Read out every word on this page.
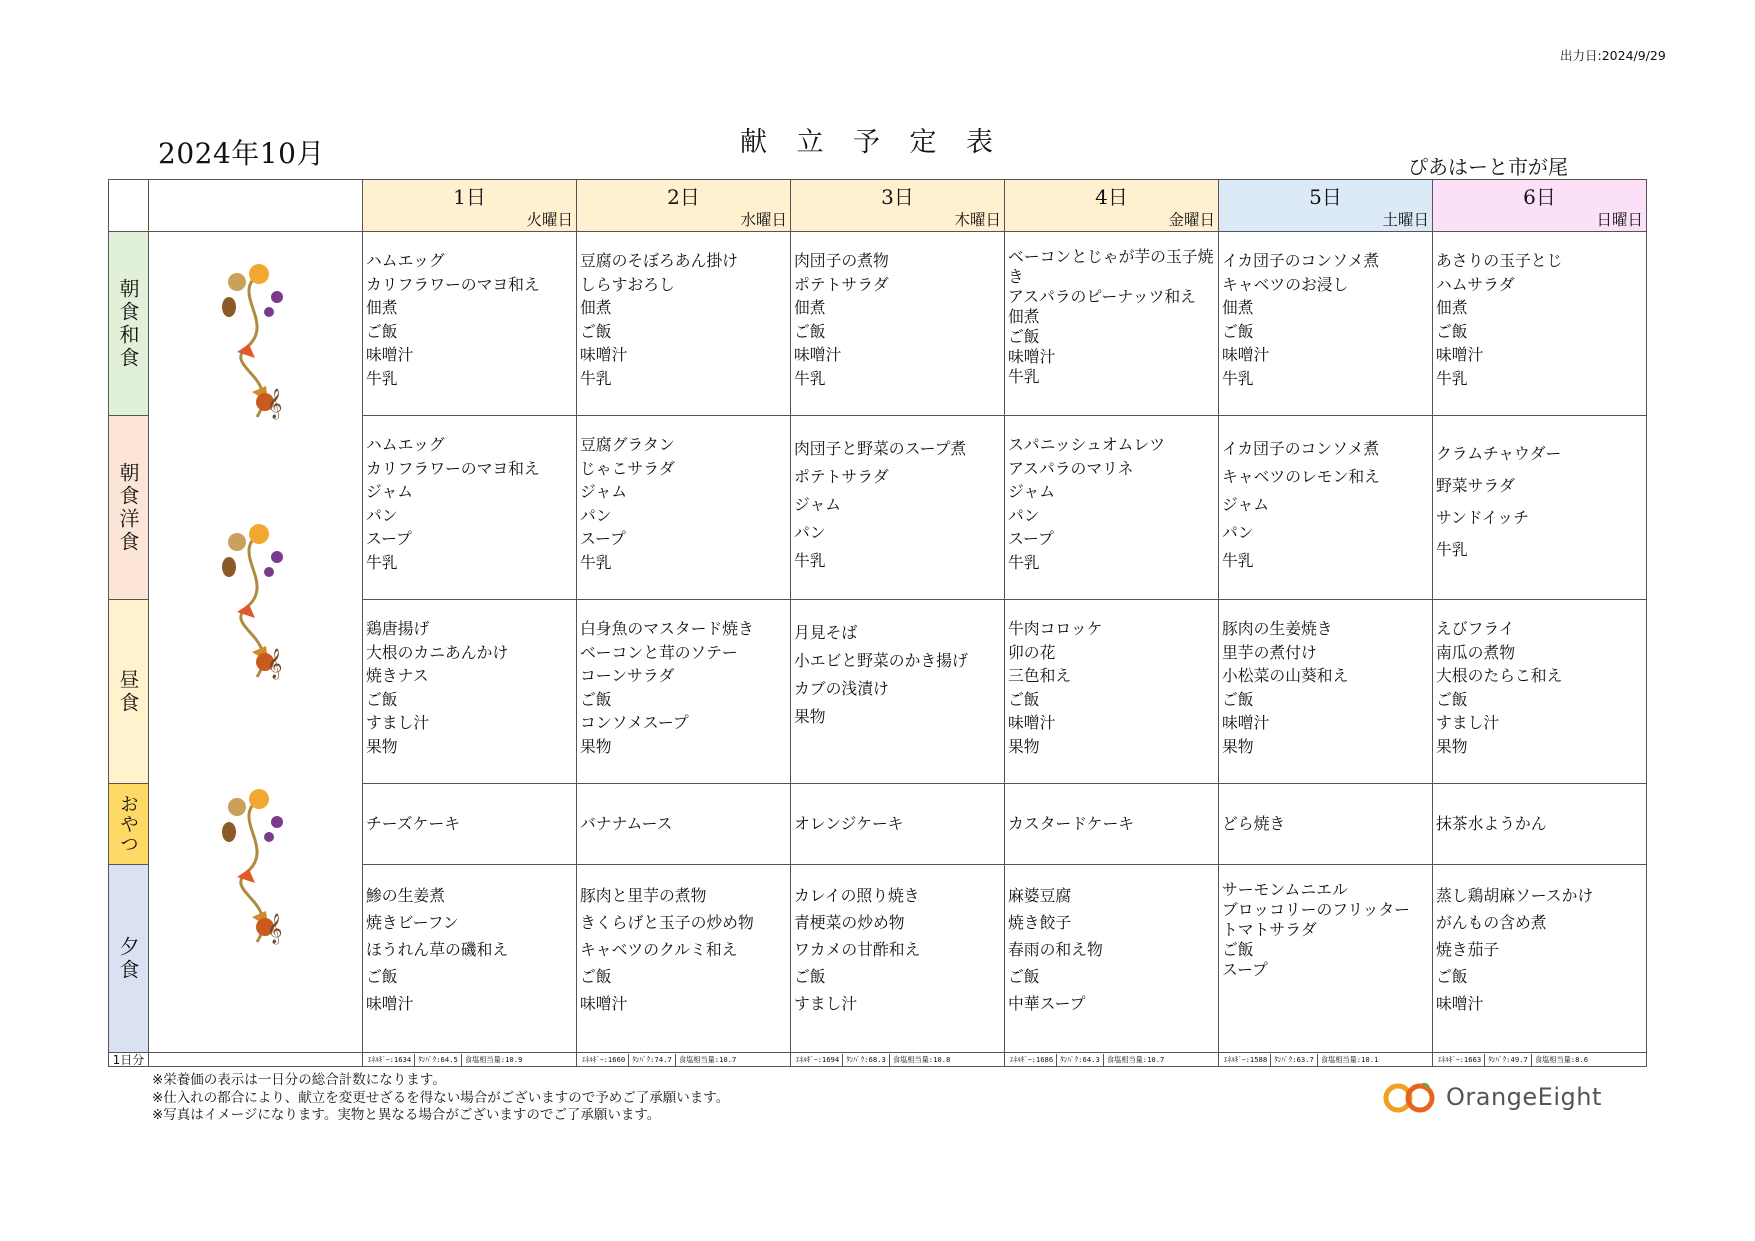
出力日:2024/9/29
2024年10月	献 立 予 定 表
ぴあはーと市が尾
朝食和食
朝食洋食
昼食
おやつ
夕食
1日分
𝄞
𝄞
𝄞
1日
火曜日
ハムエッグ
カリフラワーのマヨ和え
佃煮
ご飯
味噌汁
牛乳
ハムエッグ
カリフラワーのマヨ和え
ジャム
パン
スープ
牛乳
鶏唐揚げ
大根のカニあんかけ
焼きナス
ご飯
すまし汁
果物
チーズケーキ
鯵の生姜煮
焼きビーフン
ほうれん草の磯和え
ご飯
味噌汁
ｴﾈﾙｷﾞｰ:1634 ﾀﾝﾊﾟｸ:64.5 食塩相当量:10.9
2日
水曜日
豆腐のそぼろあん掛け
しらすおろし
佃煮
ご飯
味噌汁
牛乳
豆腐グラタン
じゃこサラダ
ジャム
パン
スープ
牛乳
白身魚のマスタード焼き
ベーコンと茸のソテー
コーンサラダ
ご飯
コンソメスープ
果物
バナナムース
豚肉と里芋の煮物
きくらげと玉子の炒め物
キャベツのクルミ和え
ご飯
味噌汁
ｴﾈﾙｷﾞｰ:1660 ﾀﾝﾊﾟｸ:74.7 食塩相当量:10.7
3日
木曜日
肉団子の煮物
ポテトサラダ
佃煮
ご飯
味噌汁
牛乳
肉団子と野菜のスープ煮
ポテトサラダ
ジャム
パン
牛乳
月見そば
小エビと野菜のかき揚げ
カブの浅漬け
果物
オレンジケーキ
カレイの照り焼き
青梗菜の炒め物
ワカメの甘酢和え
ご飯
すまし汁
ｴﾈﾙｷﾞｰ:1694 ﾀﾝﾊﾟｸ:68.3 食塩相当量:10.8
4日
金曜日
ベーコンとじゃが芋の玉子焼き
アスパラのピーナッツ和え
佃煮
ご飯
味噌汁
牛乳
スパニッシュオムレツ
アスパラのマリネ
ジャム
パン
スープ
牛乳
牛肉コロッケ
卯の花
三色和え
ご飯
味噌汁
果物
カスタードケーキ
麻婆豆腐
焼き餃子
春雨の和え物
ご飯
中華スープ
ｴﾈﾙｷﾞｰ:1686 ﾀﾝﾊﾟｸ:64.3 食塩相当量:10.7
5日
土曜日
イカ団子のコンソメ煮
キャベツのお浸し
佃煮
ご飯
味噌汁
牛乳
イカ団子のコンソメ煮
キャベツのレモン和え
ジャム
パン
牛乳
豚肉の生姜焼き
里芋の煮付け
小松菜の山葵和え
ご飯
味噌汁
果物
どら焼き
サーモンムニエル
ブロッコリーのフリッター
トマトサラダ
ご飯
スープ
ｴﾈﾙｷﾞｰ:1588 ﾀﾝﾊﾟｸ:63.7 食塩相当量:10.1
6日
日曜日
あさりの玉子とじ
ハムサラダ
佃煮
ご飯
味噌汁
牛乳
クラムチャウダー
野菜サラダ
サンドイッチ
牛乳
えびフライ
南瓜の煮物
大根のたらこ和え
ご飯
すまし汁
果物
抹茶水ようかん
蒸し鶏胡麻ソースかけ
がんもの含め煮
焼き茄子
ご飯
味噌汁
ｴﾈﾙｷﾞｰ:1663 ﾀﾝﾊﾟｸ:49.7 食塩相当量:8.6
※栄養価の表示は一日分の総合計数になります。
※仕入れの都合により、献立を変更せざるを得ない場合がございますので予めご了承願います。
※写真はイメージになります。実物と異なる場合がございますのでご了承願います。
OrangeEight
